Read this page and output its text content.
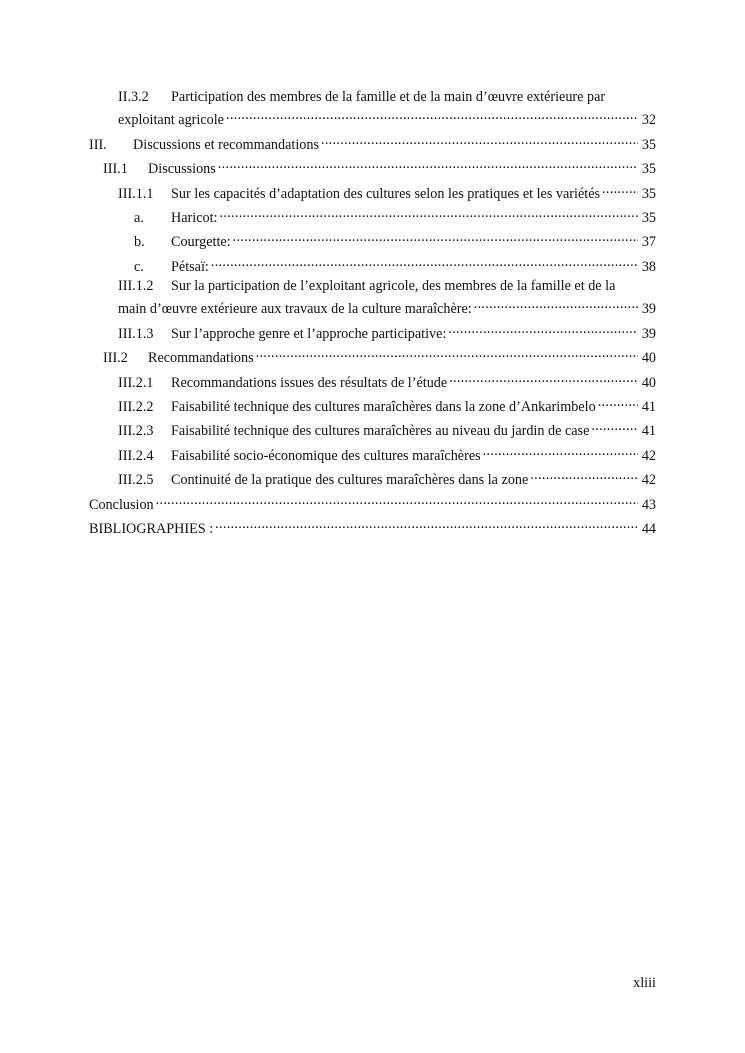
II.3.2	Participation des membres de la famille et de la main d’œuvre extérieure par
exploitant agricole .....	32
III.	Discussions et recommandations .....	35
III.1	Discussions .....	35
III.1.1	Sur les capacités d’adaptation des cultures selon les pratiques et les variétés .....	35
a.	Haricot: .....	35
b.	Courgette: .....	37
c.	Pétsaï: .....	38
III.1.2	Sur la participation de l’exploitant agricole, des membres de la famille et de la
main d’œuvre extérieure aux travaux de la culture maraîchère: .....	39
III.1.3	Sur l’approche genre et l’approche participative: .....	39
III.2	Recommandations .....	40
III.2.1	Recommandations issues des résultats de l’étude .....	40
III.2.2	Faisabilité technique des cultures maraîchères dans la zone d’Ankarimbelo .....	41
III.2.3	Faisabilité technique des cultures maraîchères au niveau du jardin de case .....	41
III.2.4	Faisabilité socio-économique des cultures maraîchères .....	42
III.2.5	Continuité de la pratique des cultures maraîchères dans la zone .....	42
Conclusion .....	43
BIBLIOGRAPHIES : .....	44
xliii
